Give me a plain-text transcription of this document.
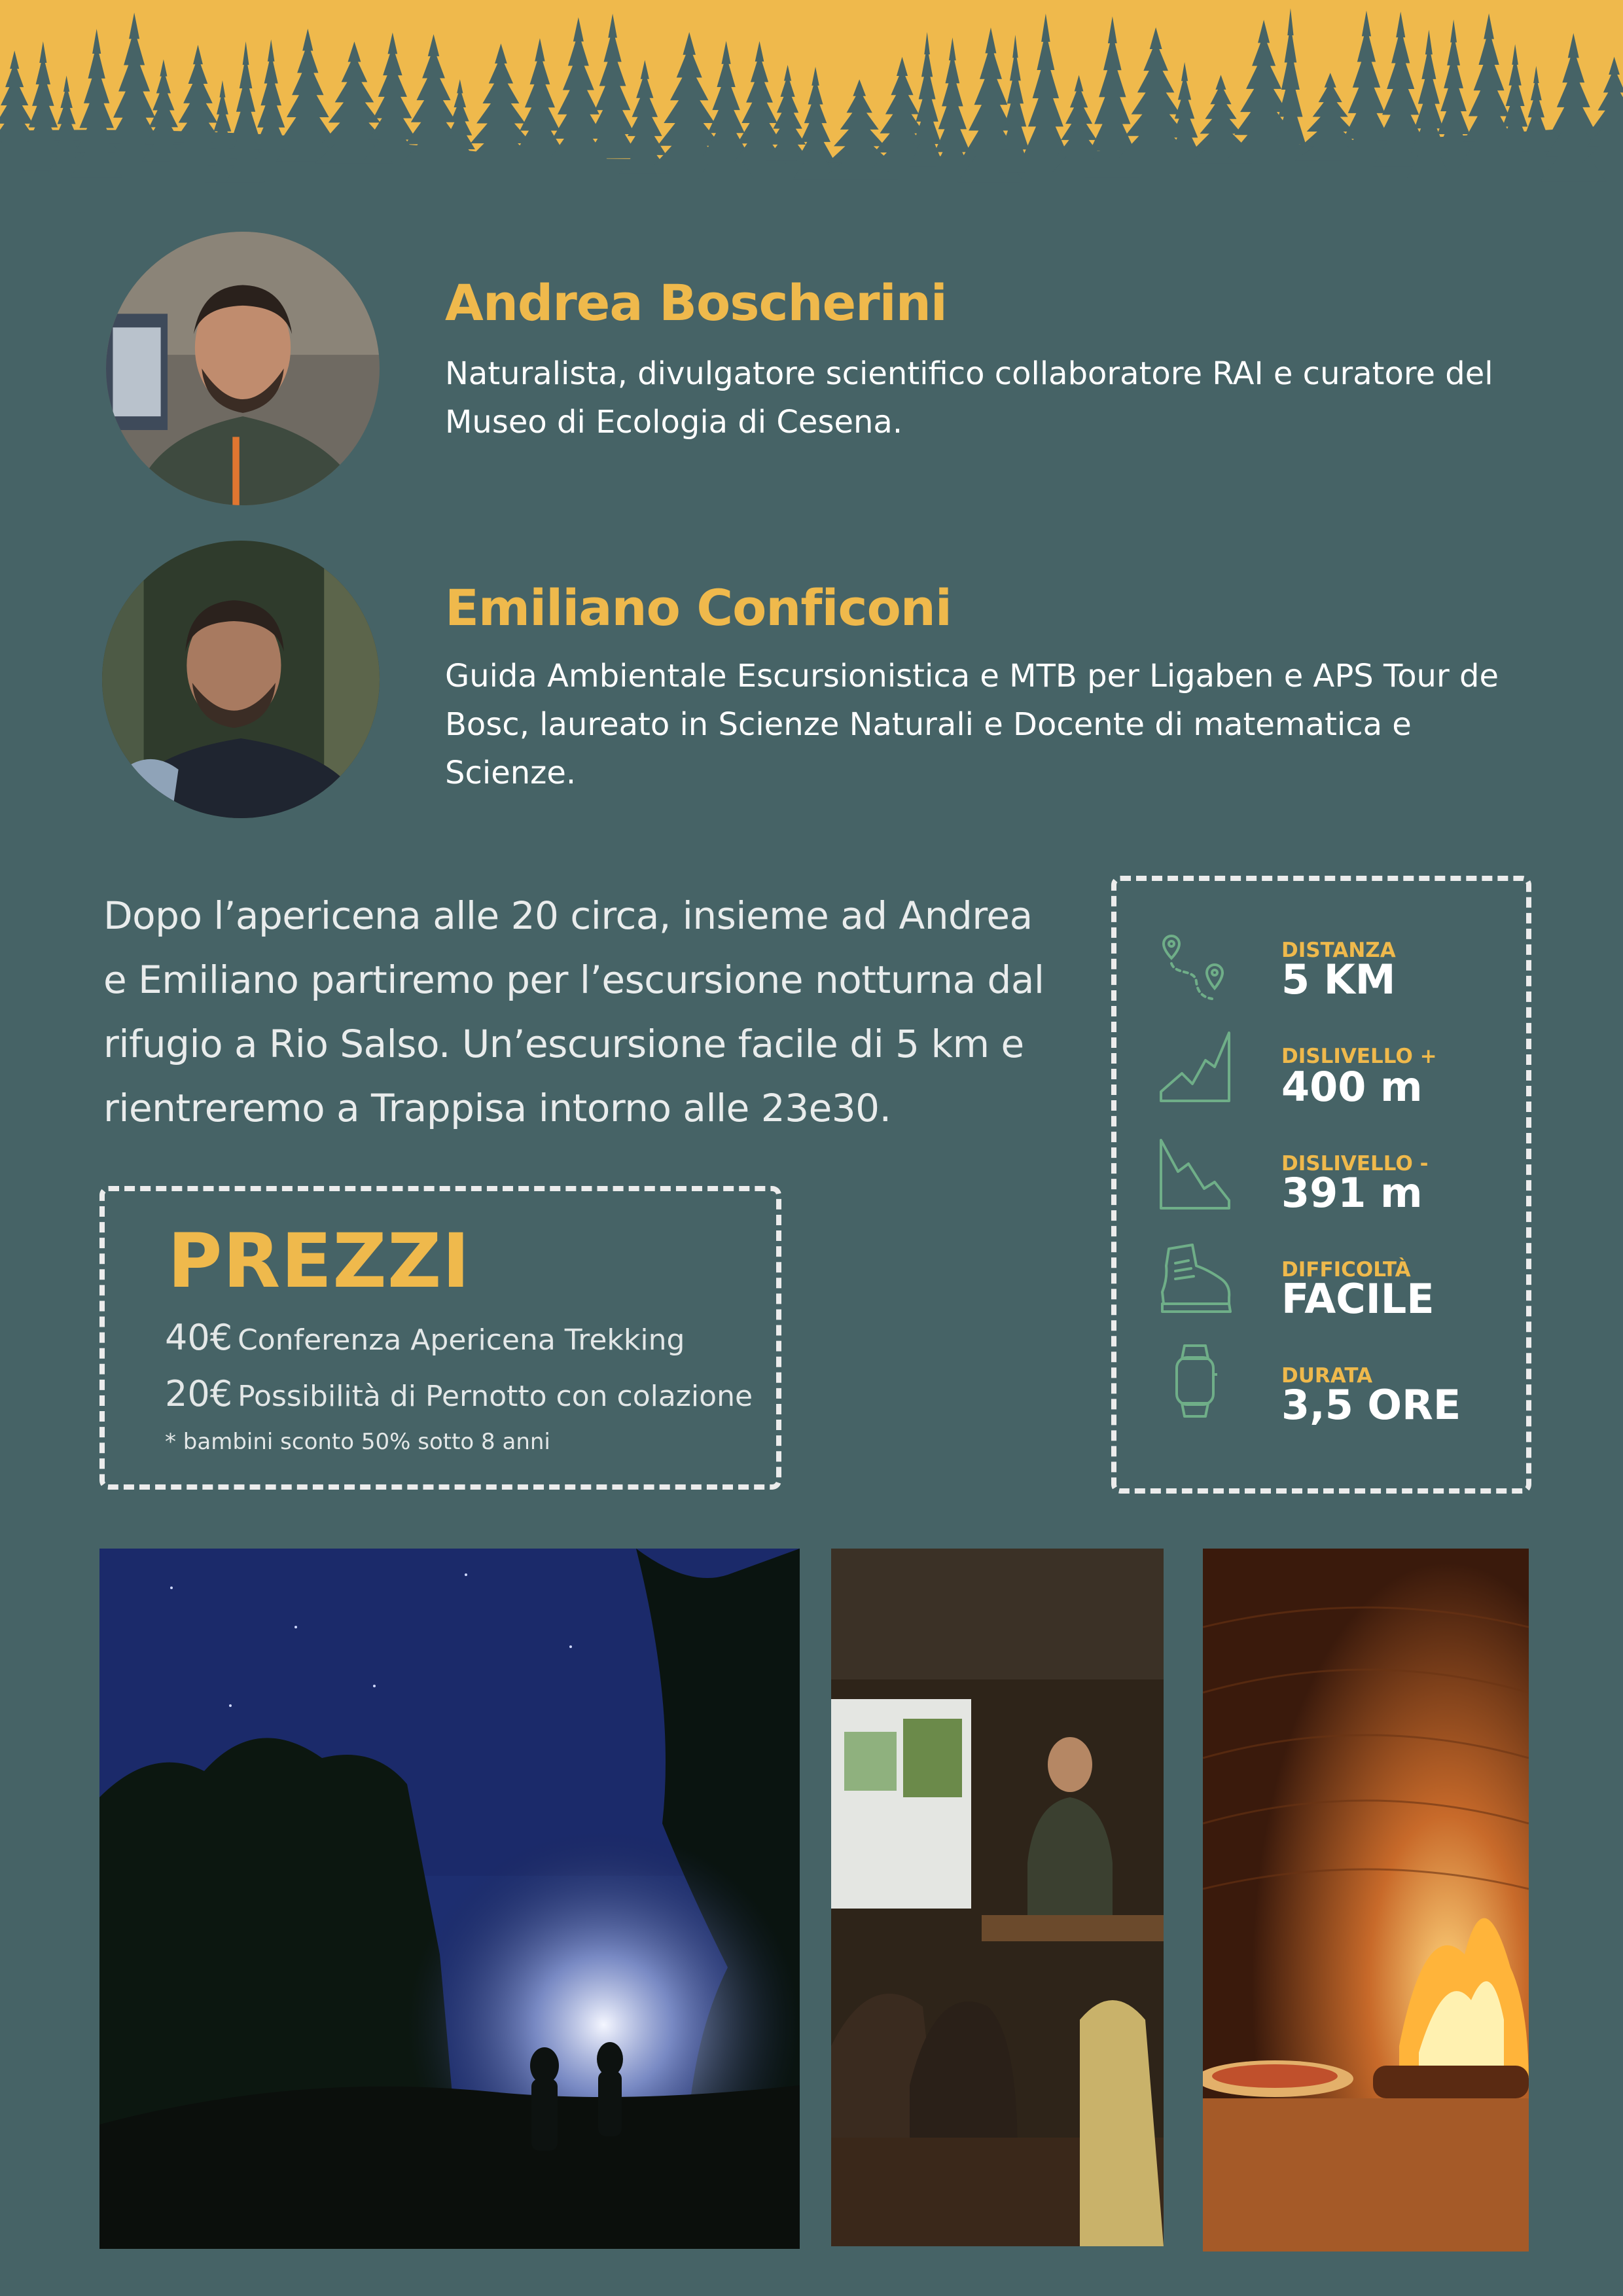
Andrea Boscherini

Naturalista, divulgatore scientifico collaboratore RAI e curatore del Museo di Ecologia di Cesena.

Emiliano Conficoni

Guida Ambientale Escursionistica e MTB per Ligaben e APS Tour de Bosc, laureato in Scienze Naturali e Docente di matematica e Scienze.

Dopo l’apericena alle 20 circa, insieme ad Andrea e Emiliano partiremo per l’escursione notturna dal rifugio a Rio Salso. Un’escursione facile di 5 km e rientreremo a Trappisa intorno alle 23e30.

PREZZI
40€ Conferenza Apericena Trekking
20€ Possibilità di Pernotto con colazione
* bambini sconto 50% sotto 8 anni
DISTANZA
5 KM
DISLIVELLO +
400 m
DISLIVELLO -
391 m
DIFFICOLTÀ
FACILE
DURATA
3,5 ORE
